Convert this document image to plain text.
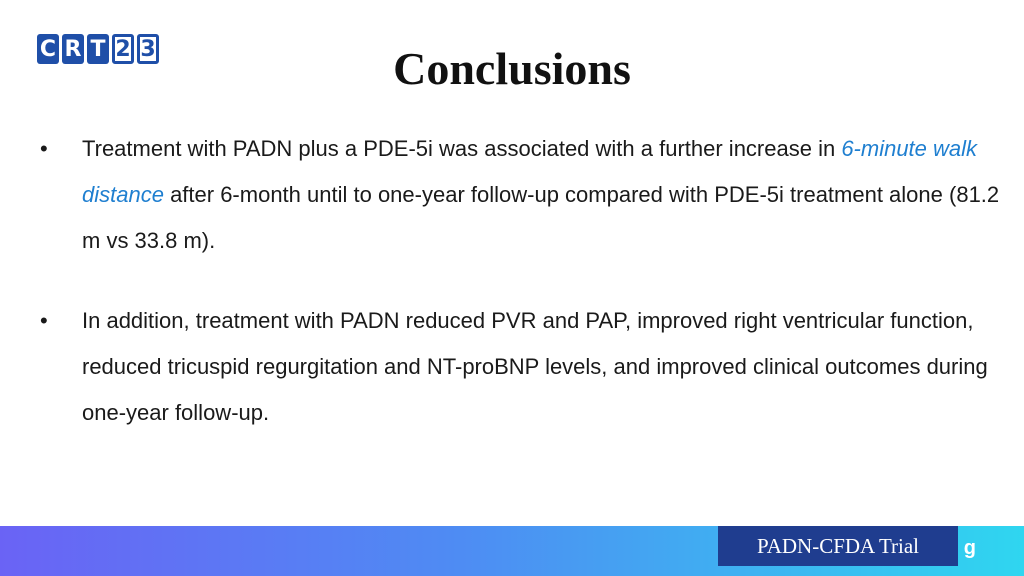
C R T 2 3	Conclusions
• Treatment with PADN plus a PDE-5i was associated with a further increase in 6-minute walk distance after 6-month until to one-year follow-up compared with PDE-5i treatment alone (81.2 m vs 33.8 m).
• In addition, treatment with PADN reduced PVR and PAP, improved right ventricular function, reduced tricuspid regurgitation and NT-proBNP levels, and improved clinical outcomes during one-year follow-up.
g
PADN-CFDA Trial
